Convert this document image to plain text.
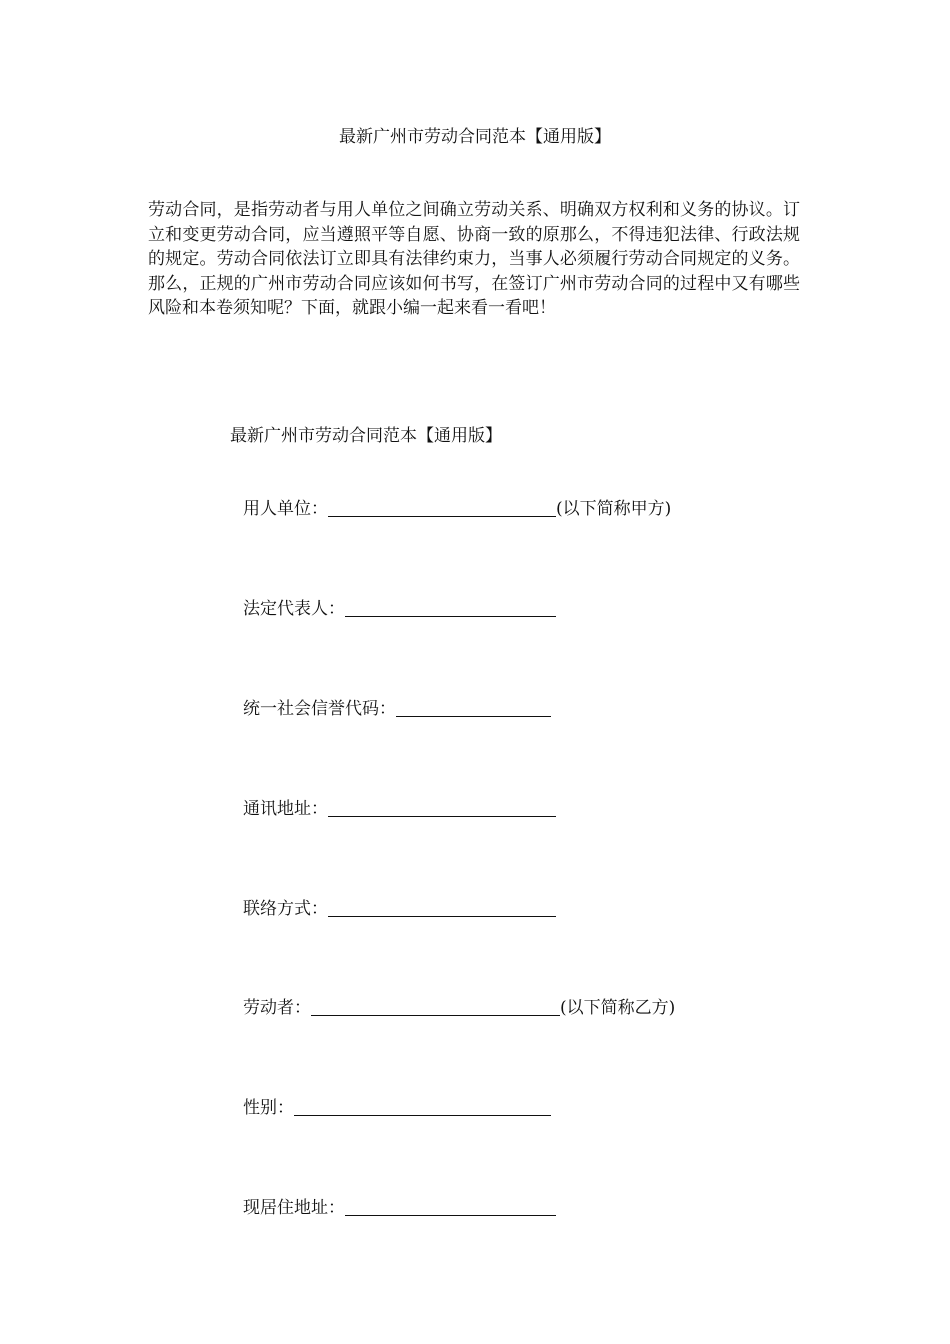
最新广州市劳动合同范本【通用版】

劳动合同，是指劳动者与用人单位之间确立劳动关系、明确双方权利和义务的协议。订立和变更劳动合同，应当遵照平等自愿、协商一致的原那么，不得违犯法律、行政法规的规定。劳动合同依法订立即具有法律约束力，当事人必须履行劳动合同规定的义务。那么，正规的广州市劳动合同应该如何书写，在签订广州市劳动合同的过程中又有哪些风险和本卷须知呢？下面，就跟小编一起来看一看吧！

最新广州市劳动合同范本【通用版】
用人单位：	(以下简称甲方)
法定代表人：
统一社会信誉代码：
通讯地址：
联络方式：
劳动者：	(以下简称乙方)
性别：
现居住地址：
